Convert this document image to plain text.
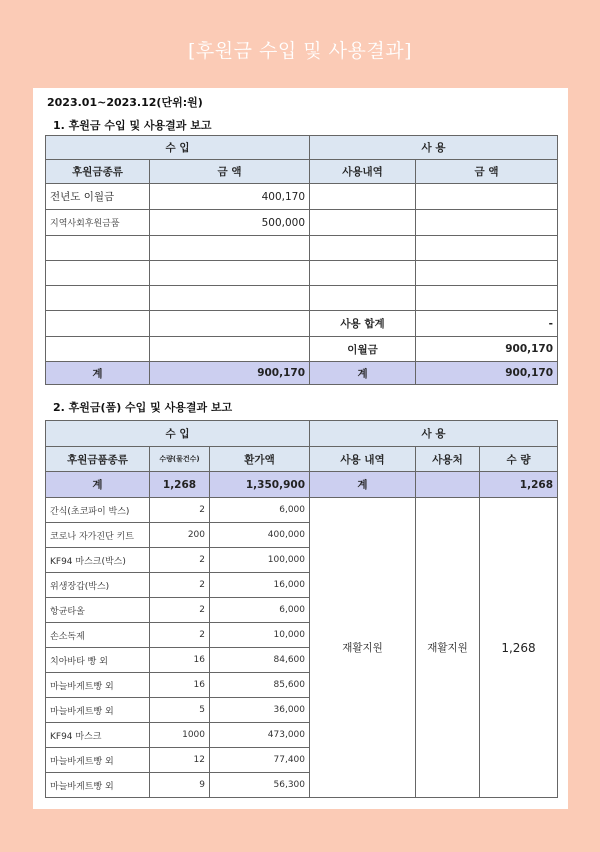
[후원금 수입 및 사용결과]
2023.01~2023.12(단위:원)
1. 후원금 수입 및 사용결과 보고
수 입		사 용	
후원금종류	금 액	사용내역	금 액
전년도 이월금	400,170		
지역사회후원금품	500,000		

		사용 합계	-
		이월금	900,170
계	900,170	계	900,170
2. 후원금(품) 수입 및 사용결과 보고
수 입			사 용		
후원금품종류	수량(물건수)	환가액	사용 내역	사용처	수 량
계	1,268	1,350,900	계		1,268
간식(초코파이 박스)	2	6,000	재활지원	재활지원	1,268
코로나 자가진단 키트	200	400,000			
KF94 마스크(박스)	2	100,000			
위생장갑(박스)	2	16,000			
항균타올	2	6,000			
손소독제	2	10,000			
치아바타 빵 외	16	84,600			
마늘바게트빵 외	16	85,600			
마늘바게트빵 외	5	36,000			
KF94 마스크	1000	473,000			
마늘바게트빵 외	12	77,400			
마늘바게트빵 외	9	56,300			
